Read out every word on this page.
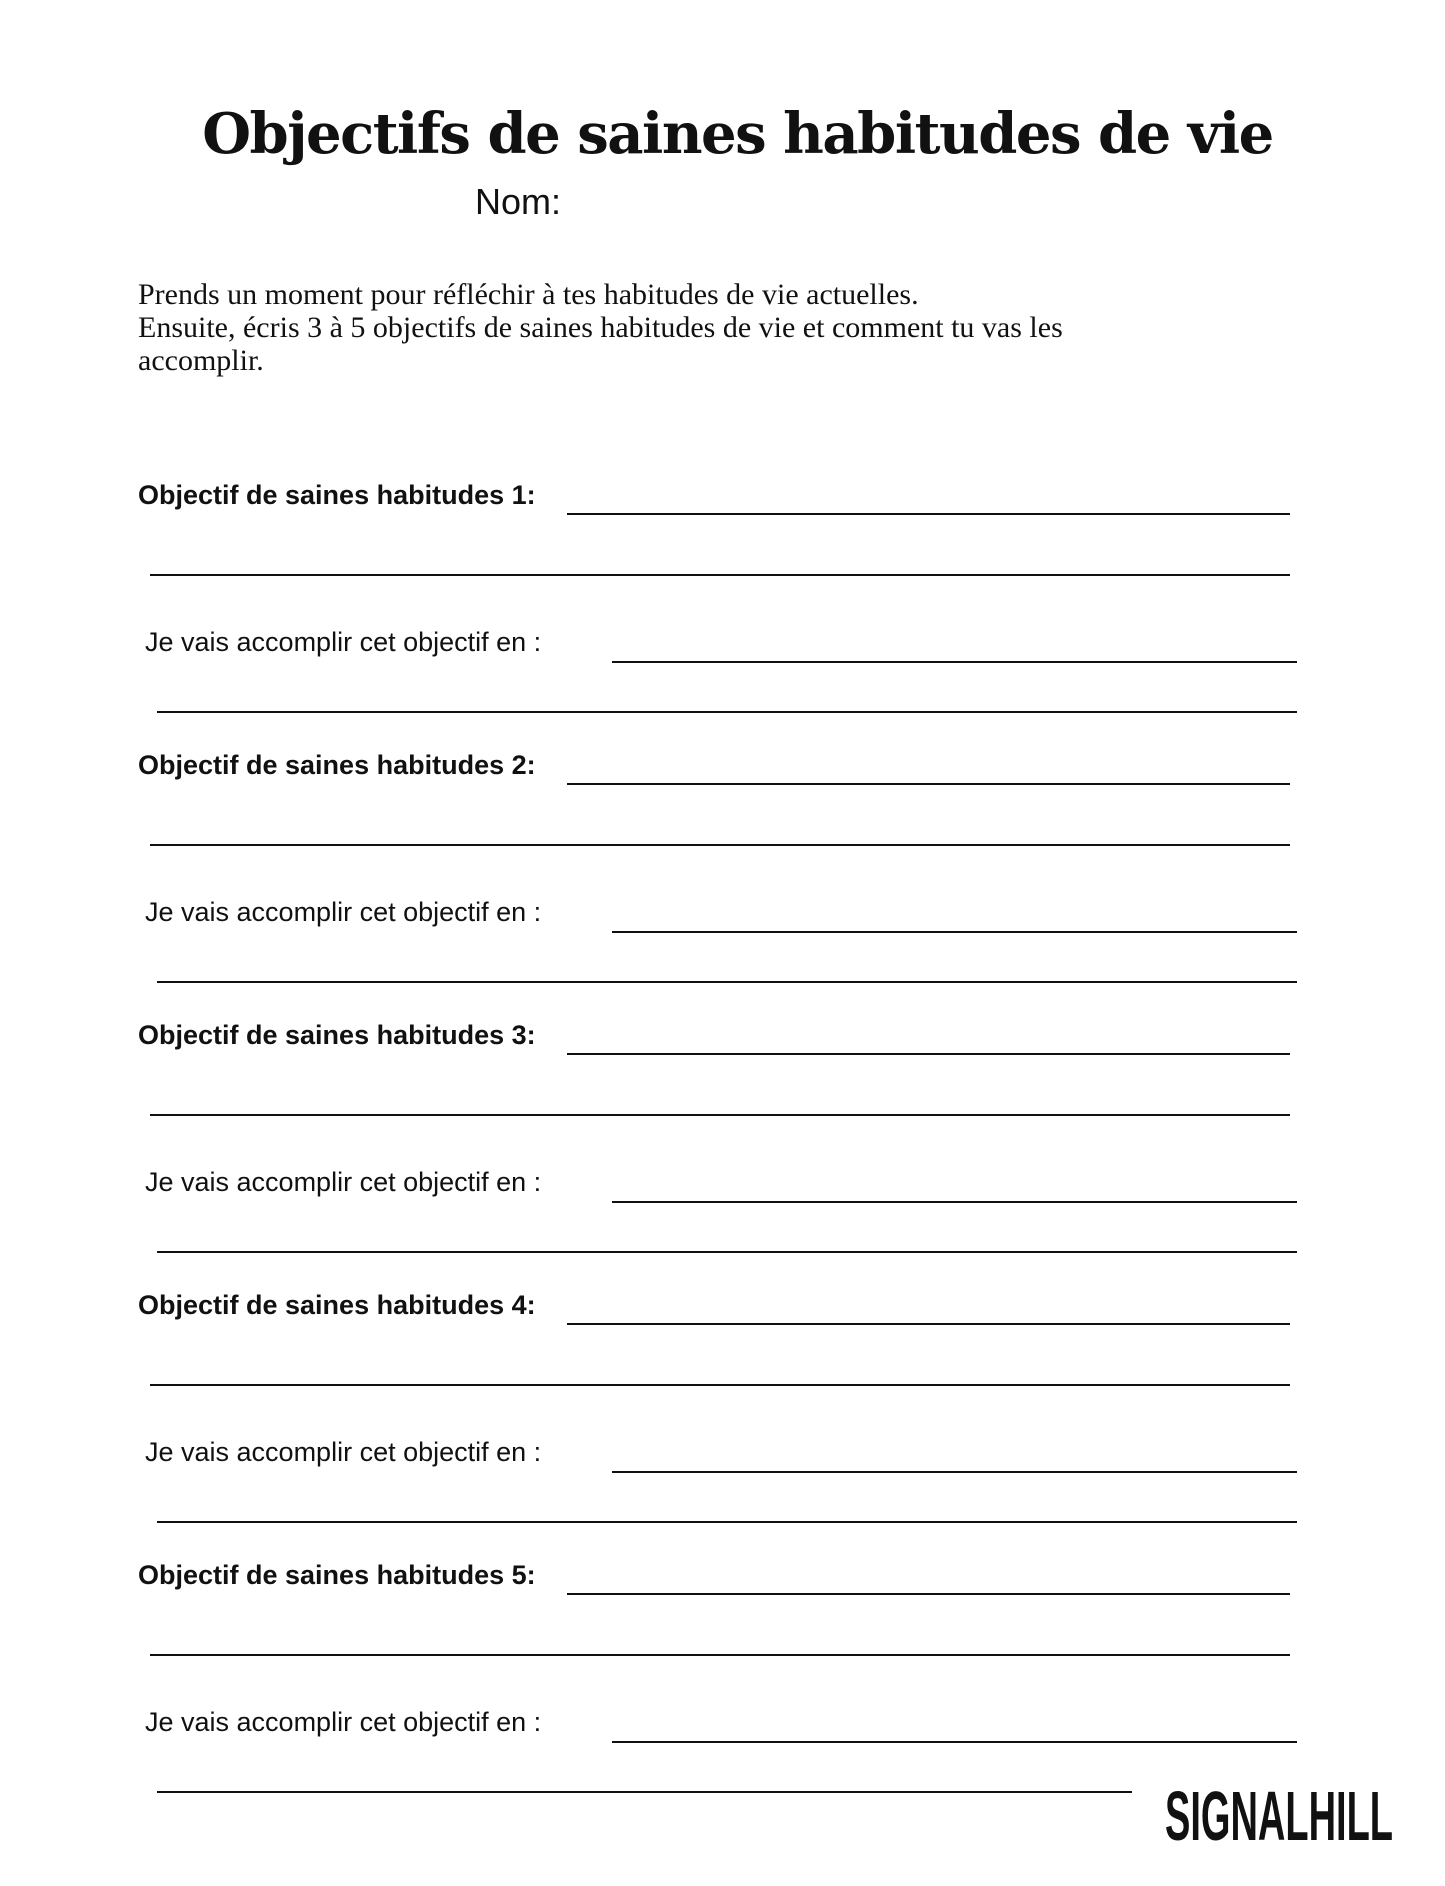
Objectifs de saines habitudes de vie
Nom:
Prends un moment pour réfléchir à tes habitudes de vie actuelles.
Ensuite, écris 3 à 5 objectifs de saines habitudes de vie et comment tu vas les
accomplir.
Objectif de saines habitudes 1:
Je vais accomplir cet objectif en :
Objectif de saines habitudes 2:
Je vais accomplir cet objectif en :
Objectif de saines habitudes 3:
Je vais accomplir cet objectif en :
Objectif de saines habitudes 4:
Je vais accomplir cet objectif en :
Objectif de saines habitudes 5:
Je vais accomplir cet objectif en :
SIGNALHILL
